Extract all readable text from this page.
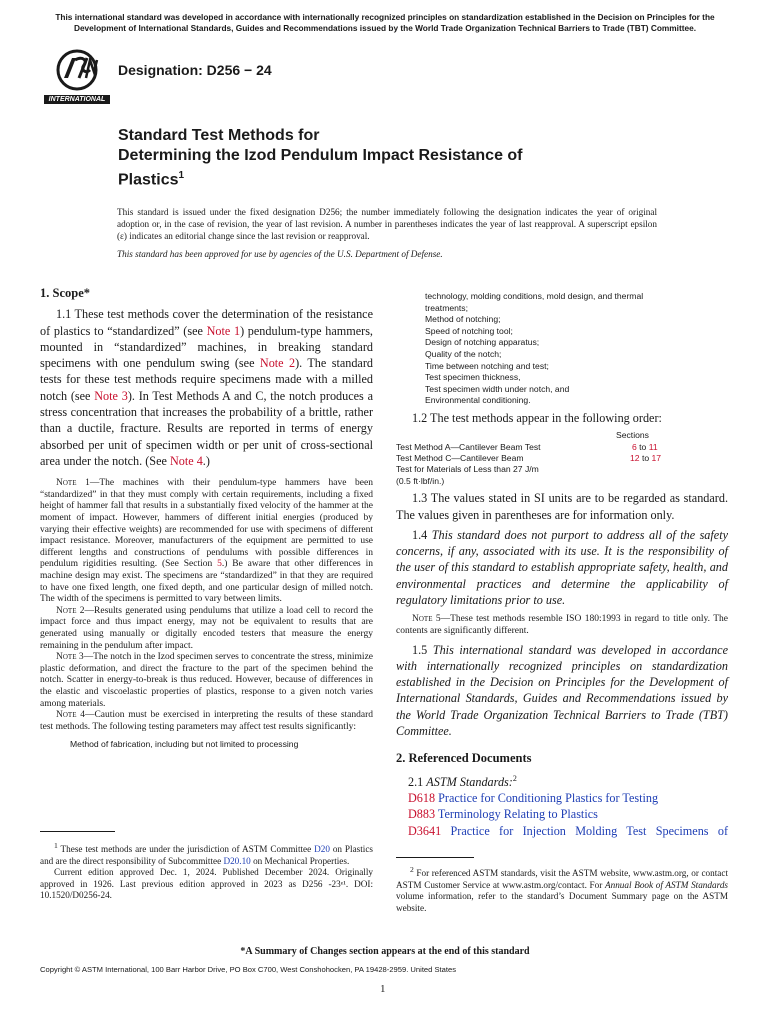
This international standard was developed in accordance with internationally recognized principles on standardization established in the Decision on Principles for the Development of International Standards, Guides and Recommendations issued by the World Trade Organization Technical Barriers to Trade (TBT) Committee.
INTERNATIONAL
Designation: D256 − 24
Standard Test Methods for
Determining the Izod Pendulum Impact Resistance of
Plastics$^1$
This standard is issued under the fixed designation D256; the number immediately following the designation indicates the year of original adoption or, in the case of revision, the year of last revision. A number in parentheses indicates the year of last reapproval. A superscript epsilon (ε) indicates an editorial change since the last revision or reapproval.
This standard has been approved for use by agencies of the U.S. Department of Defense.
1. Scope*
1.1 These test methods cover the determination of the resistance of plastics to “standardized” (see Note 1) pendulum-type hammers, mounted in “standardized” machines, in breaking standard specimens with one pendulum swing (see Note 2). The standard tests for these test methods require specimens made with a milled notch (see Note 3). In Test Methods A and C, the notch produces a stress concentration that increases the probability of a brittle, rather than a ductile, fracture. Results are reported in terms of energy absorbed per unit of specimen width or per unit of cross-sectional area under the notch. (See Note 4.)
Note 1—The machines with their pendulum-type hammers have been “standardized” in that they must comply with certain requirements, including a fixed height of hammer fall that results in a substantially fixed velocity of the hammer at the moment of impact. However, hammers of different initial energies (produced by varying their effective weights) are recommended for use with specimens of different impact resistance. Moreover, manufacturers of the equipment are permitted to use different lengths and constructions of pendulums with possible differences in pendulum rigidities resulting. (See Section 5.) Be aware that other differences in machine design may exist. The specimens are “standardized” in that they are required to have one fixed length, one fixed depth, and one particular design of milled notch. The width of the specimens is permitted to vary between limits.
Note 2—Results generated using pendulums that utilize a load cell to record the impact force and thus impact energy, may not be equivalent to results that are generated using manually or digitally encoded testers that measure the energy remaining in the pendulum after impact.
Note 3—The notch in the Izod specimen serves to concentrate the stress, minimize plastic deformation, and direct the fracture to the part of the specimen behind the notch. Scatter in energy-to-break is thus reduced. However, because of differences in the elastic and viscoelastic properties of plastics, response to a given notch varies among materials.
Note 4—Caution must be exercised in interpreting the results of these standard test methods. The following testing parameters may affect test results significantly:
Method of fabrication, including but not limited to processing
$^1$ These test methods are under the jurisdiction of ASTM Committee D20 on Plastics and are the direct responsibility of Subcommittee D20.10 on Mechanical Properties.
Current edition approved Dec. 1, 2024. Published December 2024. Originally approved in 1926. Last previous edition approved in 2023 as D256 -23ᵉ¹. DOI: 10.1520/D0256-24.
technology, molding conditions, mold design, and thermal
treatments;
Method of notching;
Speed of notching tool;
Design of notching apparatus;
Quality of the notch;
Time between notching and test;
Test specimen thickness,
Test specimen width under notch, and
Environmental conditioning.
1.2 The test methods appear in the following order:
Sections
Test Method A—Cantilever Beam Test	6 to 11
Test Method C—Cantilever Beam	12 to 17
Test for Materials of Less than 27 J/m
(0.5 ft·lbf/in.)
1.3 The values stated in SI units are to be regarded as standard. The values given in parentheses are for information only.
1.4 This standard does not purport to address all of the safety concerns, if any, associated with its use. It is the responsibility of the user of this standard to establish appropriate safety, health, and environmental practices and determine the applicability of regulatory limitations prior to use.
Note 5—These test methods resemble ISO 180:1993 in regard to title only. The contents are significantly different.
1.5 This international standard was developed in accordance with internationally recognized principles on standardization established in the Decision on Principles for the Development of International Standards, Guides and Recommendations issued by the World Trade Organization Technical Barriers to Trade (TBT) Committee.
2. Referenced Documents
2.1 ASTM Standards:$^2$
D618 Practice for Conditioning Plastics for Testing
D883 Terminology Relating to Plastics
D3641 Practice for Injection Molding Test Specimens of
$^2$ For referenced ASTM standards, visit the ASTM website, www.astm.org, or contact ASTM Customer Service at www.astm.org/contact. For Annual Book of ASTM Standards volume information, refer to the standard’s Document Summary page on the ASTM website.
*A Summary of Changes section appears at the end of this standard
Copyright © ASTM International, 100 Barr Harbor Drive, PO Box C700, West Conshohocken, PA 19428-2959. United States
1
